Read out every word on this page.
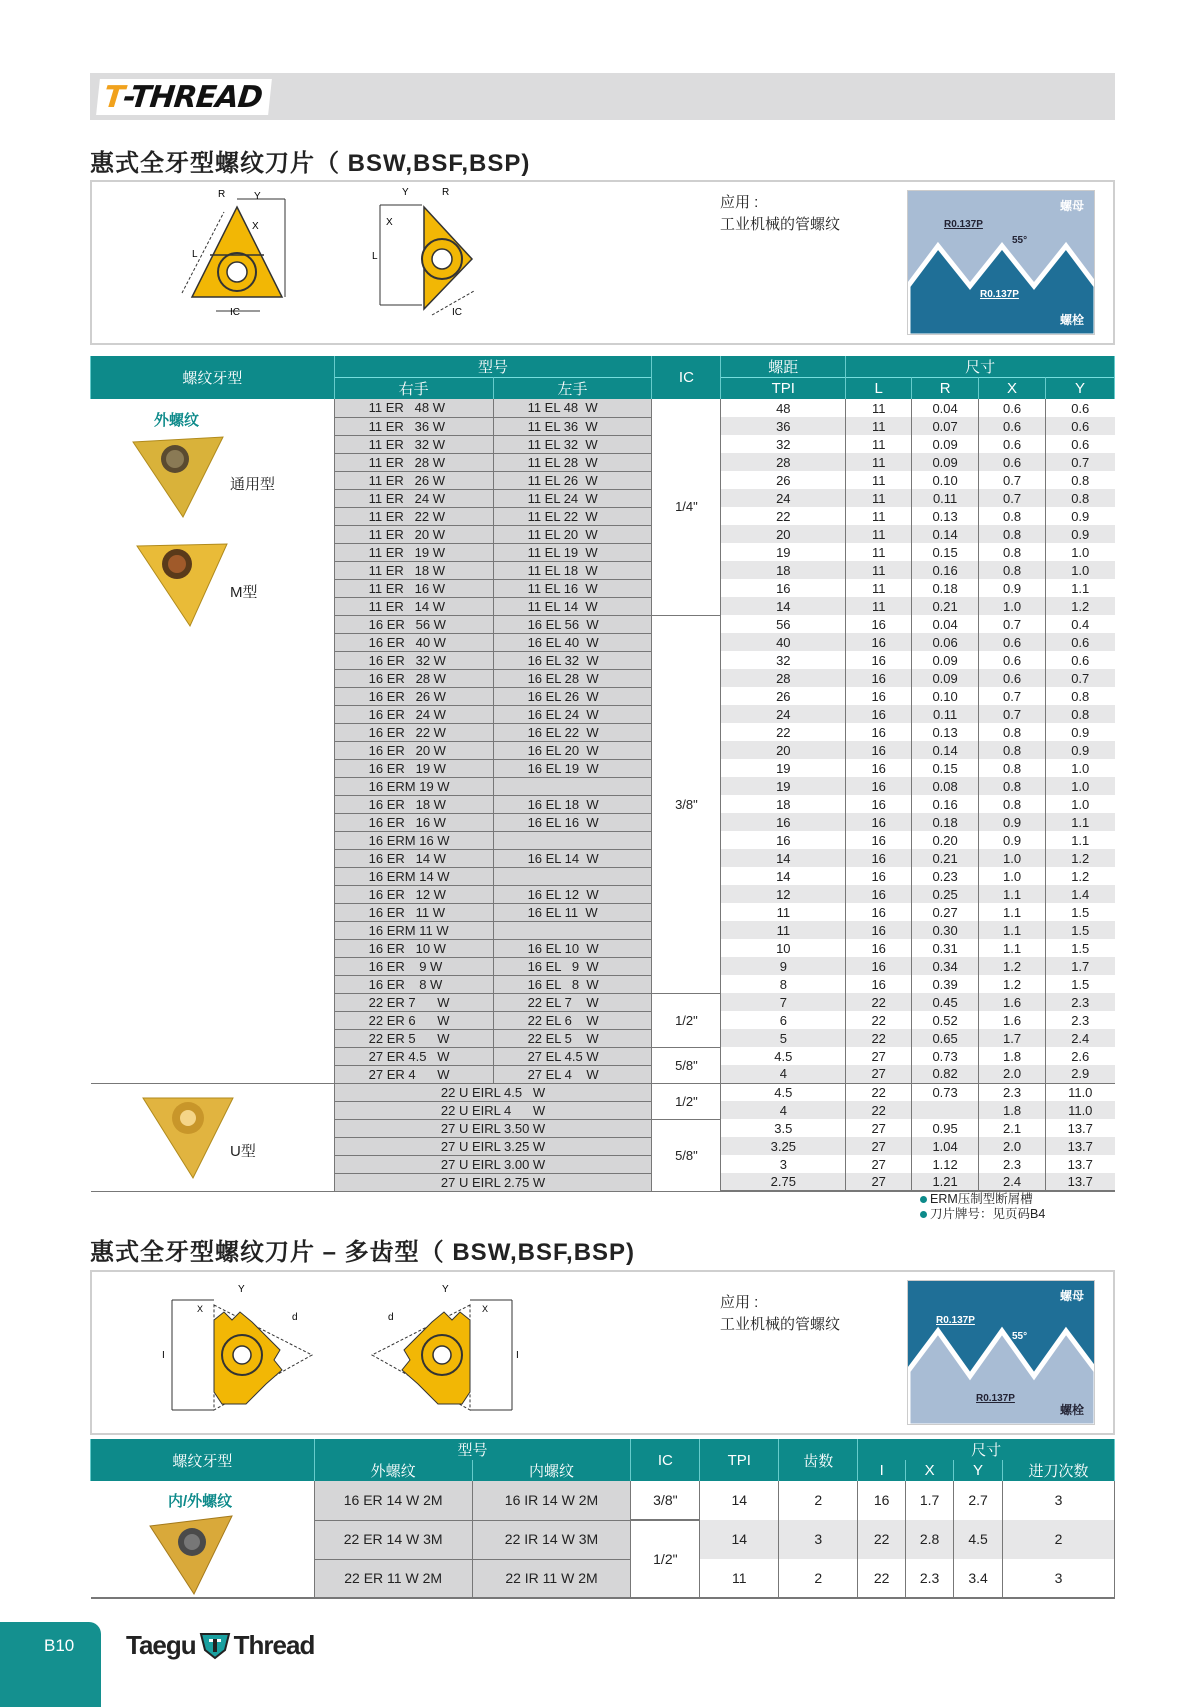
T
-THREAD
惠式全牙型螺纹刀片（ BSW,BSF,BSP)
Y
R
L
IC
X
L
Y	R
X
IC
应用 :
工业机械的管螺纹
螺母
螺栓
R0.137P
55°
R0.137P
螺纹牙型	型号		IC	螺距	尺寸			
	右手	左手		TPI	L	R	X	Y
	11 ER   48 W	11 EL 48  W	1/4"	48	11	0.04	0.6	0.6
	11 ER   36 W	11 EL 36  W		36	11	0.07	0.6	0.6
	11 ER   32 W	11 EL 32  W		32	11	0.09	0.6	0.6
	11 ER   28 W	11 EL 28  W		28	11	0.09	0.6	0.7
	11 ER   26 W	11 EL 26  W		26	11	0.10	0.7	0.8
	11 ER   24 W	11 EL 24  W		24	11	0.11	0.7	0.8
	11 ER   22 W	11 EL 22  W		22	11	0.13	0.8	0.9
	11 ER   20 W	11 EL 20  W		20	11	0.14	0.8	0.9
	11 ER   19 W	11 EL 19  W		19	11	0.15	0.8	1.0
	11 ER   18 W	11 EL 18  W		18	11	0.16	0.8	1.0
	11 ER   16 W	11 EL 16  W		16	11	0.18	0.9	1.1
	11 ER   14 W	11 EL 14  W		14	11	0.21	1.0	1.2
	16 ER   56 W	16 EL 56  W	3/8"	56	16	0.04	0.7	0.4
	16 ER   40 W	16 EL 40  W		40	16	0.06	0.6	0.6
	16 ER   32 W	16 EL 32  W		32	16	0.09	0.6	0.6
	16 ER   28 W	16 EL 28  W		28	16	0.09	0.6	0.7
	16 ER   26 W	16 EL 26  W		26	16	0.10	0.7	0.8
	16 ER   24 W	16 EL 24  W		24	16	0.11	0.7	0.8
	16 ER   22 W	16 EL 22  W		22	16	0.13	0.8	0.9
	16 ER   20 W	16 EL 20  W		20	16	0.14	0.8	0.9
	16 ER   19 W	16 EL 19  W		19	16	0.15	0.8	1.0
	16 ERM 19 W			19	16	0.08	0.8	1.0
	16 ER   18 W	16 EL 18  W		18	16	0.16	0.8	1.0
	16 ER   16 W	16 EL 16  W		16	16	0.18	0.9	1.1
	16 ERM 16 W			16	16	0.20	0.9	1.1
	16 ER   14 W	16 EL 14  W		14	16	0.21	1.0	1.2
	16 ERM 14 W			14	16	0.23	1.0	1.2
	16 ER   12 W	16 EL 12  W		12	16	0.25	1.1	1.4
	16 ER   11 W	16 EL 11  W		11	16	0.27	1.1	1.5
	16 ERM 11 W			11	16	0.30	1.1	1.5
	16 ER   10 W	16 EL 10  W		10	16	0.31	1.1	1.5
	16 ER    9 W	16 EL   9  W		9	16	0.34	1.2	1.7
	16 ER    8 W	16 EL   8  W		8	16	0.39	1.2	1.5
	22 ER 7      W	22 EL 7    W	1/2"	7	22	0.45	1.6	2.3
	22 ER 6      W	22 EL 6    W		6	22	0.52	1.6	2.3
	22 ER 5      W	22 EL 5    W		5	22	0.65	1.7	2.4
	27 ER 4.5   W	27 EL 4.5 W	5/8"	4.5	27	0.73	1.8	2.6
	27 ER 4      W	27 EL 4    W		4	27	0.82	2.0	2.9
	22 U EIRL 4.5   W		1/2"	4.5	22	0.73	2.3	11.0
	22 U EIRL 4      W			4	22		1.8	11.0
	27 U EIRL 3.50 W		5/8"	3.5	27	0.95	2.1	13.7
	27 U EIRL 3.25 W			3.25	27	1.04	2.0	13.7
	27 U EIRL 3.00 W			3	27	1.12	2.3	13.7
	27 U EIRL 2.75 W			2.75	27	1.21	2.4	13.7
外螺纹
通用型
M型
U型
ERM压制型断屑槽
刀片牌号：见页码B4
惠式全牙型螺纹刀片 – 多齿型（ BSW,BSF,BSP)
I
Y
X
d
I
Y
X
d
应用 :
工业机械的管螺纹
螺母
螺栓
R0.137P
55°
R0.137P
螺纹牙型	型号		IC	TPI	齿数	尺寸			
	外螺纹	内螺纹				I	X	Y	进刀次数
	16 ER 14 W 2M	16 IR 14 W 2M	3/8"	14	2	16	1.7	2.7	3
	22 ER 14 W 3M	22 IR 14 W 3M	1/2"	14	3	22	2.8	4.5	2
	22 ER 11 W 2M	22 IR 11 W 2M		11	2	22	2.3	3.4	3
内/外螺纹
B10 Taegu Thread
